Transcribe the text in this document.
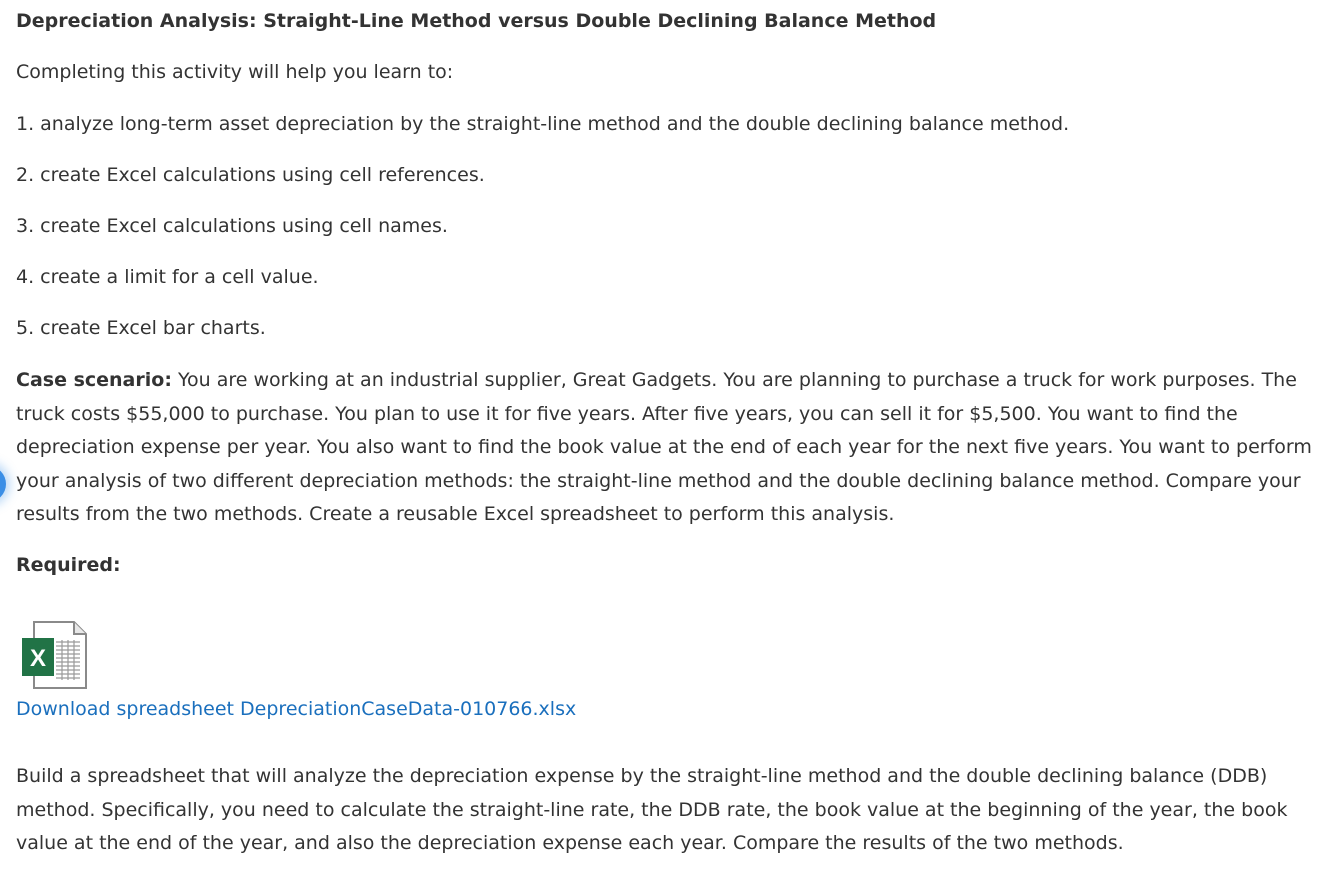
Depreciation Analysis: Straight-Line Method versus Double Declining Balance Method
Completing this activity will help you learn to:
1. analyze long-term asset depreciation by the straight-line method and the double declining balance method.
2. create Excel calculations using cell references.
3. create Excel calculations using cell names.
4. create a limit for a cell value.
5. create Excel bar charts.
Case scenario: You are working at an industrial supplier, Great Gadgets. You are planning to purchase a truck for work purposes. The truck costs $55,000 to purchase. You plan to use it for five years. After five years, you can sell it for $5,500. You want to find the depreciation expense per year. You also want to find the book value at the end of each year for the next five years. You want to perform your analysis of two different depreciation methods: the straight-line method and the double declining balance method. Compare your results from the two methods. Create a reusable Excel spreadsheet to perform this analysis.
Required:
Build a spreadsheet that will analyze the depreciation expense by the straight-line method and the double declining balance (DDB) method. Specifically, you need to calculate the straight-line rate, the DDB rate, the book value at the beginning of the year, the book value at the end of the year, and also the depreciation expense each year. Compare the results of the two methods.
X
Download spreadsheet DepreciationCaseData-010766.xlsx
